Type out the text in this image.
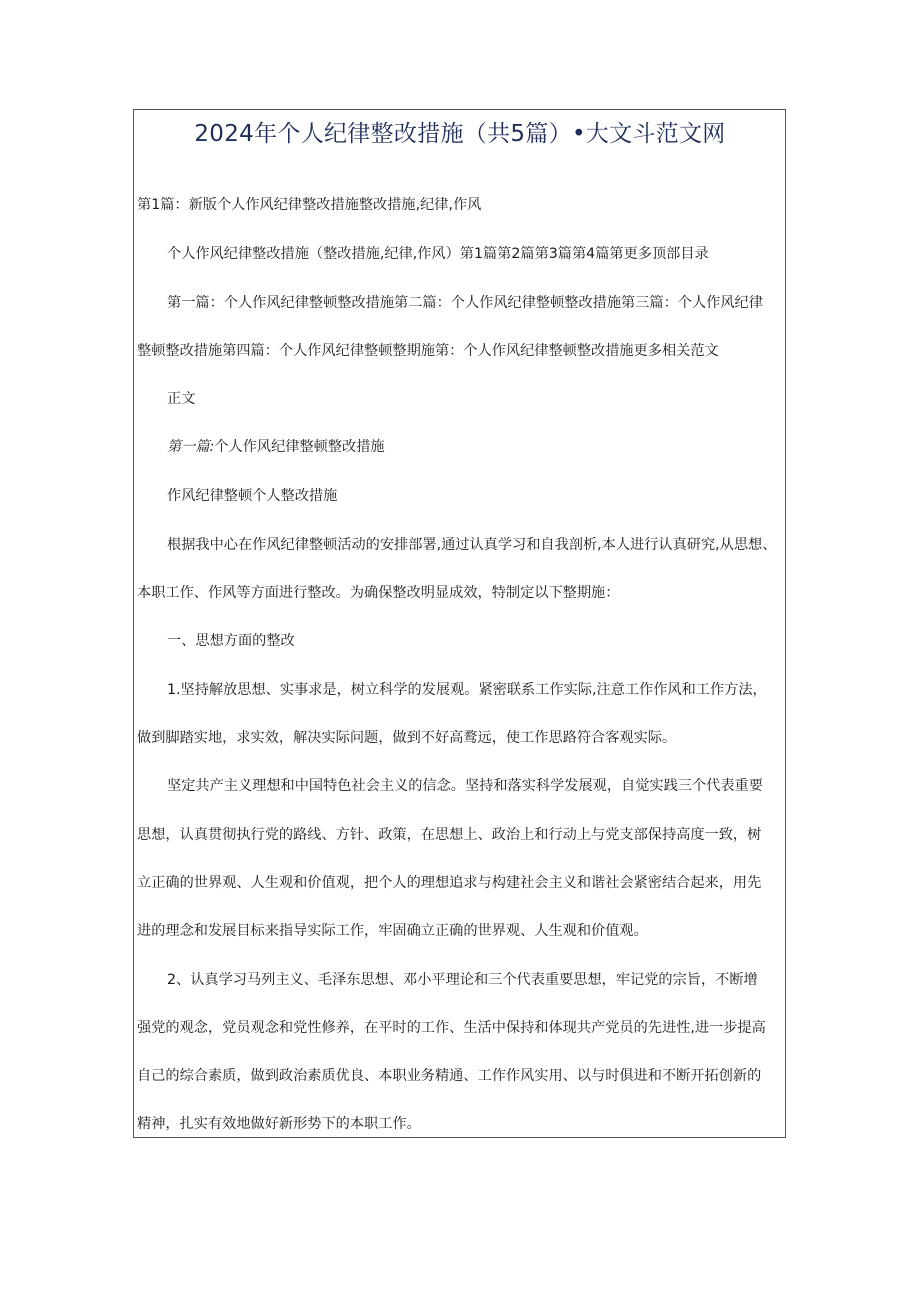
2024年个人纪律整改措施（共5篇）•大文斗范文网
第1篇：新版个人作风纪律整改措施整改措施,纪律,作风
个人作风纪律整改措施（整改措施,纪律,作风）第1篇第2篇第3篇第4篇第更多顶部目录
第一篇：个人作风纪律整顿整改措施第二篇：个人作风纪律整顿整改措施第三篇：个人作风纪律
整顿整改措施第四篇：个人作风纪律整顿整期施第：个人作风纪律整顿整改措施更多相关范文
正文
第一篇:个人作风纪律整顿整改措施
作风纪律整顿个人整改措施
根据我中心在作风纪律整顿活动的安排部署,通过认真学习和自我剖析,本人进行认真研究,从思想、
本职工作、作风等方面进行整改。为确保整改明显成效，特制定以下整期施：
一、思想方面的整改
1.坚持解放思想、实事求是，树立科学的发展观。紧密联系工作实际,注意工作作风和工作方法，
做到脚踏实地，求实效，解决实际问题，做到不好高鹜远，使工作思路符合客观实际。
坚定共产主义理想和中国特色社会主义的信念。坚持和落实科学发展观，自觉实践三个代表重要
思想，认真贯彻执行党的路线、方针、政策，在思想上、政治上和行动上与党支部保持高度一致，树
立正确的世界观、人生观和价值观，把个人的理想追求与构建社会主义和谐社会紧密结合起来，用先
进的理念和发展目标来指导实际工作，牢固确立正确的世界观、人生观和价值观。
2、认真学习马列主义、毛泽东思想、邓小平理论和三个代表重要思想，牢记党的宗旨，不断增
强党的观念，党员观念和党性修养，在平时的工作、生活中保持和体现共产党员的先进性,进一步提高
自己的综合素质，做到政治素质优良、本职业务精通、工作作风实用、以与时俱进和不断开拓创新的
精神，扎实有效地做好新形势下的本职工作。
